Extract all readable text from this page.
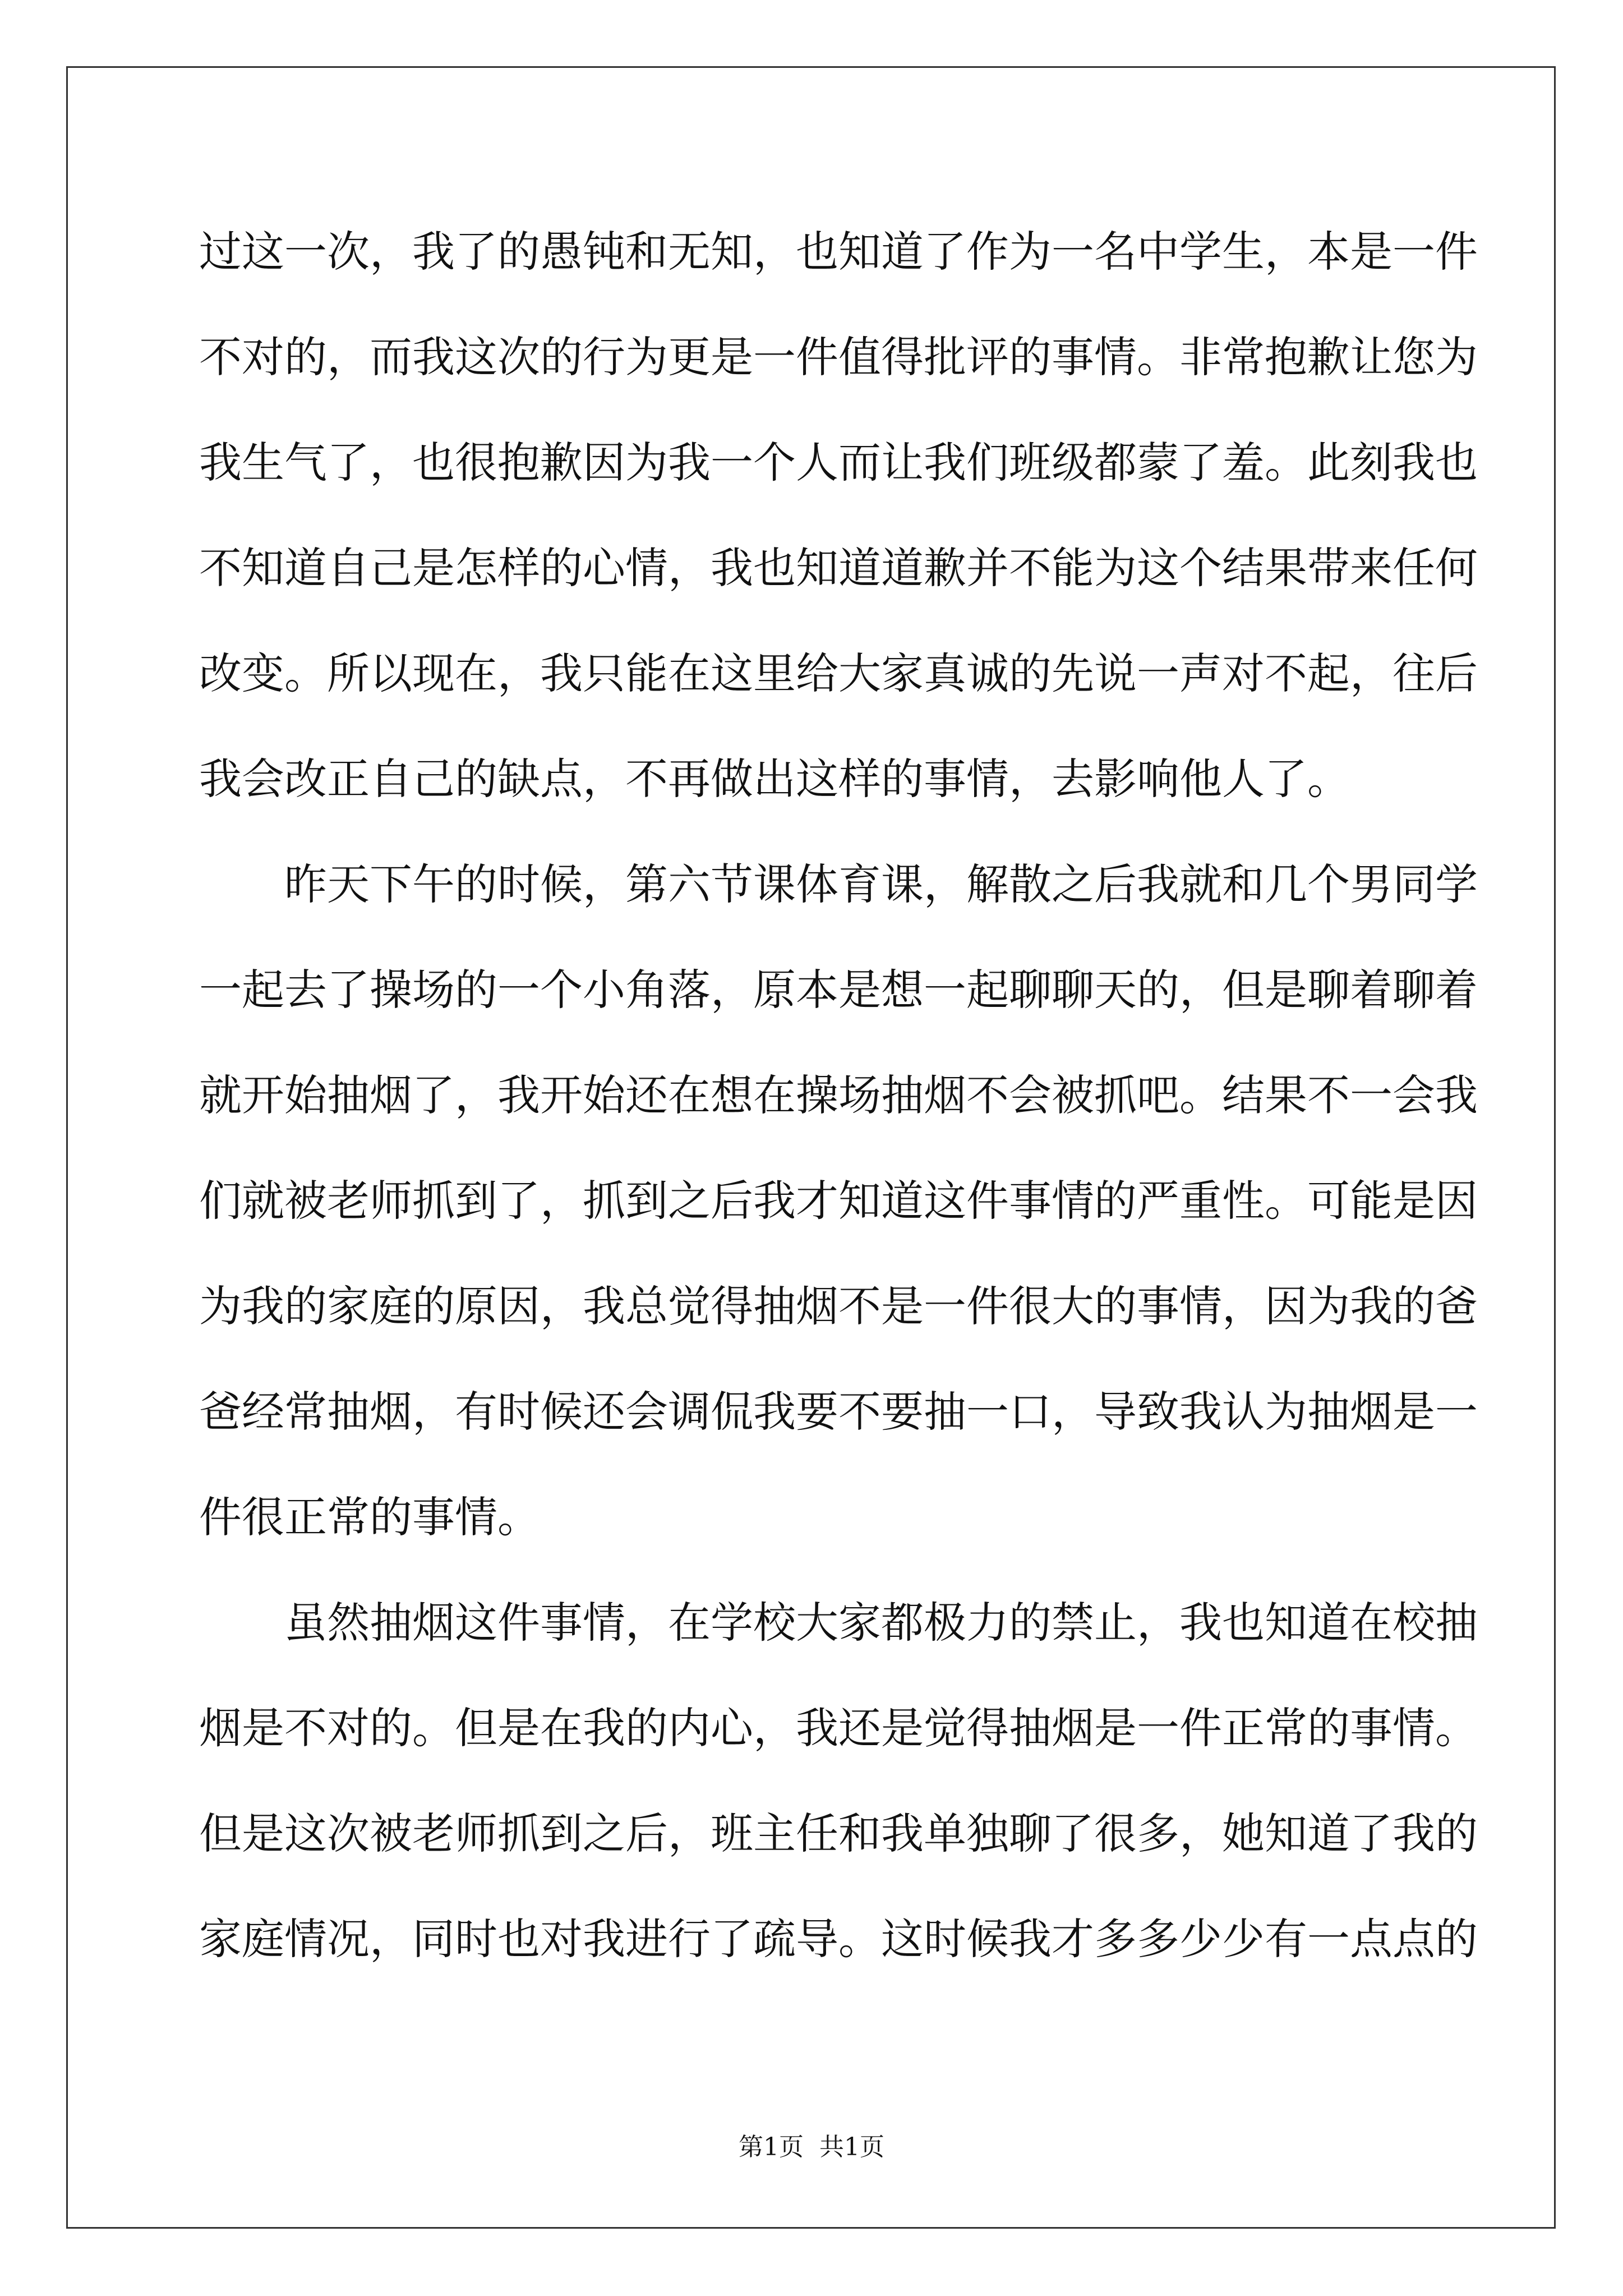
过这一次，我了的愚钝和无知，也知道了作为一名中学生，本是一件
不对的，而我这次的行为更是一件值得批评的事情。非常抱歉让您为
我生气了，也很抱歉因为我一个人而让我们班级都蒙了羞。此刻我也
不知道自己是怎样的心情，我也知道道歉并不能为这个结果带来任何
改变。所以现在，我只能在这里给大家真诚的先说一声对不起，往后
我会改正自己的缺点，不再做出这样的事情，去影响他人了。
昨天下午的时候，第六节课体育课，解散之后我就和几个男同学
一起去了操场的一个小角落，原本是想一起聊聊天的，但是聊着聊着
就开始抽烟了，我开始还在想在操场抽烟不会被抓吧。结果不一会我
们就被老师抓到了，抓到之后我才知道这件事情的严重性。可能是因
为我的家庭的原因，我总觉得抽烟不是一件很大的事情，因为我的爸
爸经常抽烟，有时候还会调侃我要不要抽一口，导致我认为抽烟是一
件很正常的事情。
虽然抽烟这件事情，在学校大家都极力的禁止，我也知道在校抽
烟是不对的。但是在我的内心，我还是觉得抽烟是一件正常的事情。
但是这次被老师抓到之后，班主任和我单独聊了很多，她知道了我的
家庭情况，同时也对我进行了疏导。这时候我才多多少少有一点点的
第1页  共1页
